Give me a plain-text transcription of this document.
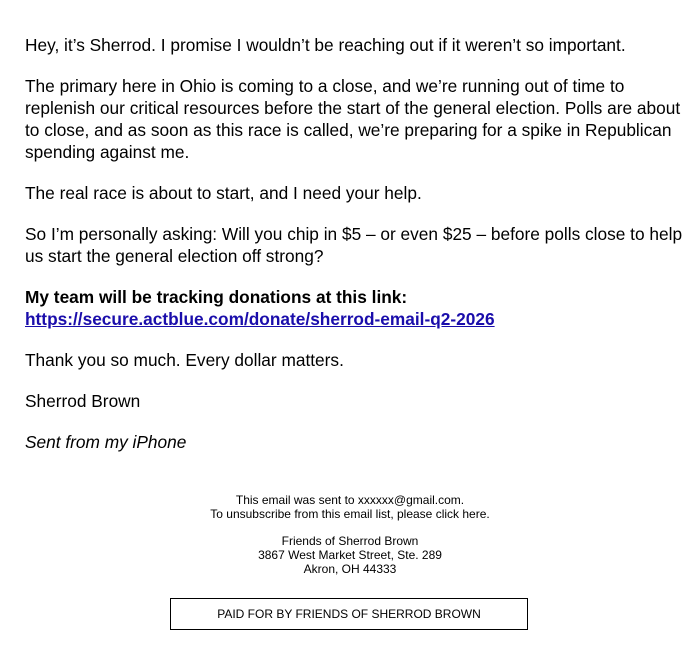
Hey, it’s Sherrod. I promise I wouldn’t be reaching out if it weren’t so important.

The primary here in Ohio is coming to a close, and we’re running out of time to replenish our critical resources before the start of the general election. Polls are about to close, and as soon as this race is called, we’re preparing for a spike in Republican spending against me.

The real race is about to start, and I need your help.

So I’m personally asking: Will you chip in $5 – or even $25 – before polls close to help us start the general election off strong?

My team will be tracking donations at this link: https://secure.actblue.com/donate/sherrod-email-q2-2026

Thank you so much. Every dollar matters.

Sherrod Brown

Sent from my iPhone

This email was sent to xxxxxx@gmail.com.

To unsubscribe from this email list, please click here.

Friends of Sherrod Brown

3867 West Market Street, Ste. 289

Akron, OH 44333

PAID FOR BY FRIENDS OF SHERROD BROWN
